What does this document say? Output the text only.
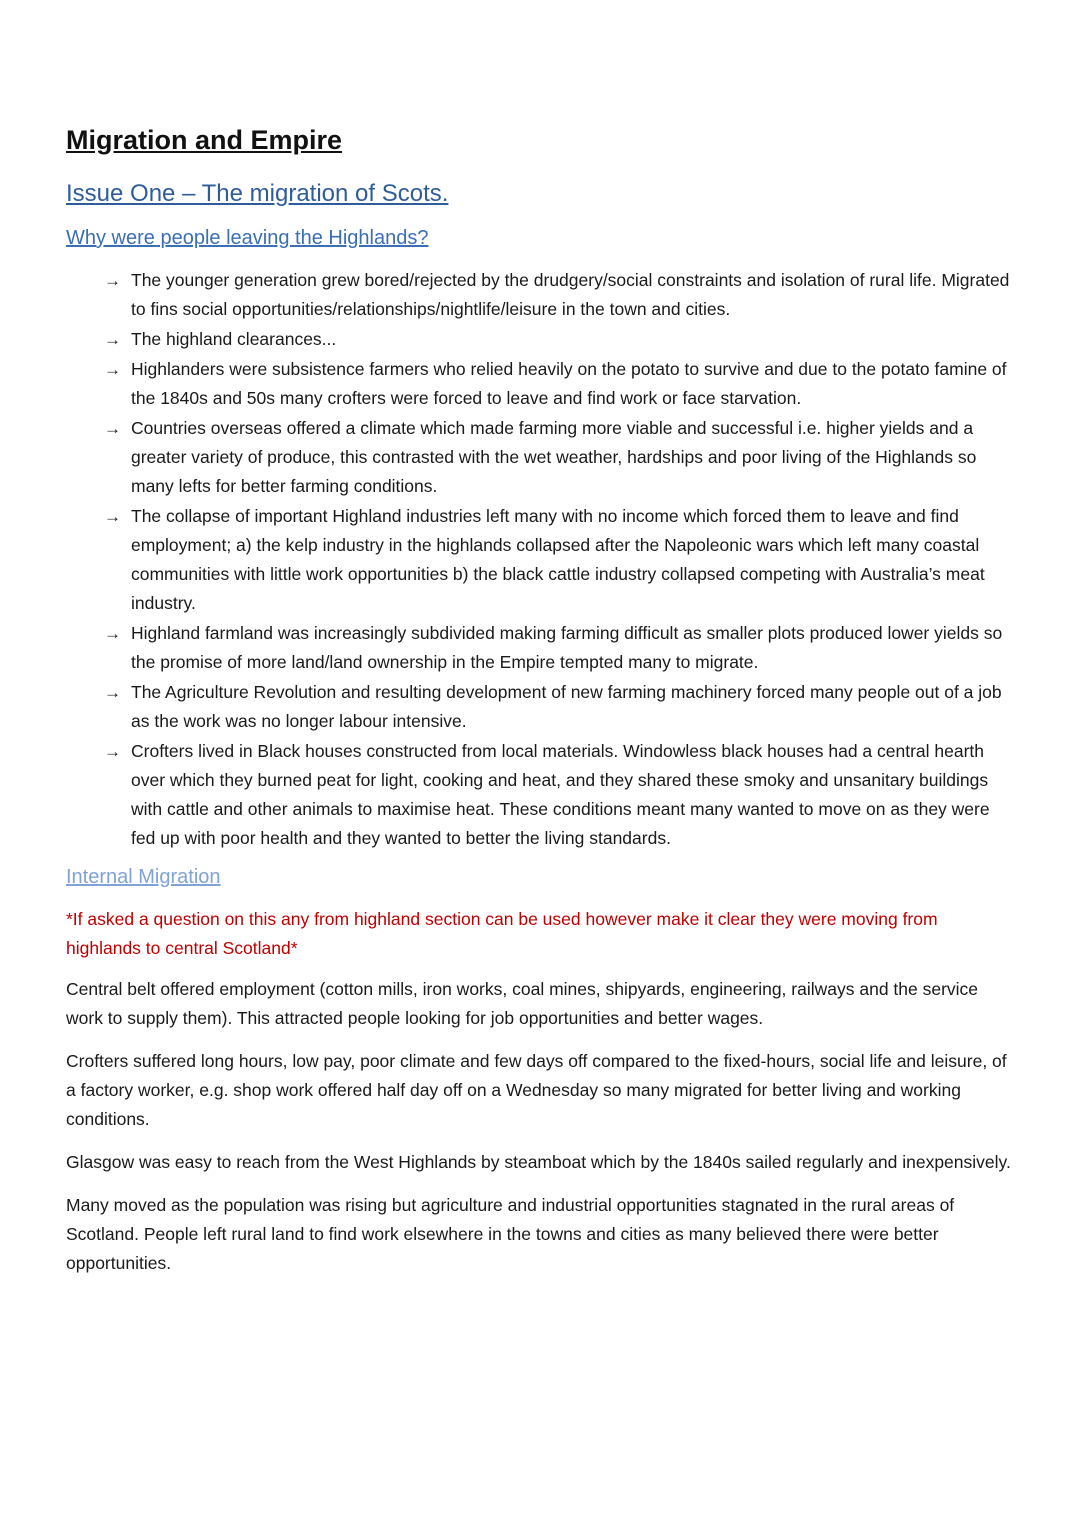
Migration and Empire
Issue One – The migration of Scots.
Why were people leaving the Highlands?
→ The younger generation grew bored/rejected by the drudgery/social constraints and isolation of rural life. Migrated to fins social opportunities/relationships/nightlife/leisure in the town and cities.
→ The highland clearances...
→ Highlanders were subsistence farmers who relied heavily on the potato to survive and due to the potato famine of the 1840s and 50s many crofters were forced to leave and find work or face starvation.
→ Countries overseas offered a climate which made farming more viable and successful i.e. higher yields and a greater variety of produce, this contrasted with the wet weather, hardships and poor living of the Highlands so many lefts for better farming conditions.
→ The collapse of important Highland industries left many with no income which forced them to leave and find employment; a) the kelp industry in the highlands collapsed after the Napoleonic wars which left many coastal communities with little work opportunities b) the black cattle industry collapsed competing with Australia’s meat industry.
→ Highland farmland was increasingly subdivided making farming difficult as smaller plots produced lower yields so the promise of more land/land ownership in the Empire tempted many to migrate.
→ The Agriculture Revolution and resulting development of new farming machinery forced many people out of a job as the work was no longer labour intensive.
→ Crofters lived in Black houses constructed from local materials. Windowless black houses had a central hearth over which they burned peat for light, cooking and heat, and they shared these smoky and unsanitary buildings with cattle and other animals to maximise heat. These conditions meant many wanted to move on as they were fed up with poor health and they wanted to better the living standards.
Internal Migration
*If asked a question on this any from highland section can be used however make it clear they were moving from highlands to central Scotland*

Central belt offered employment (cotton mills, iron works, coal mines, shipyards, engineering, railways and the service work to supply them). This attracted people looking for job opportunities and better wages.

Crofters suffered long hours, low pay, poor climate and few days off compared to the fixed-hours, social life and leisure, of a factory worker, e.g. shop work offered half day off on a Wednesday so many migrated for better living and working conditions.

Glasgow was easy to reach from the West Highlands by steamboat which by the 1840s sailed regularly and inexpensively.

Many moved as the population was rising but agriculture and industrial opportunities stagnated in the rural areas of Scotland. People left rural land to find work elsewhere in the towns and cities as many believed there were better opportunities.
